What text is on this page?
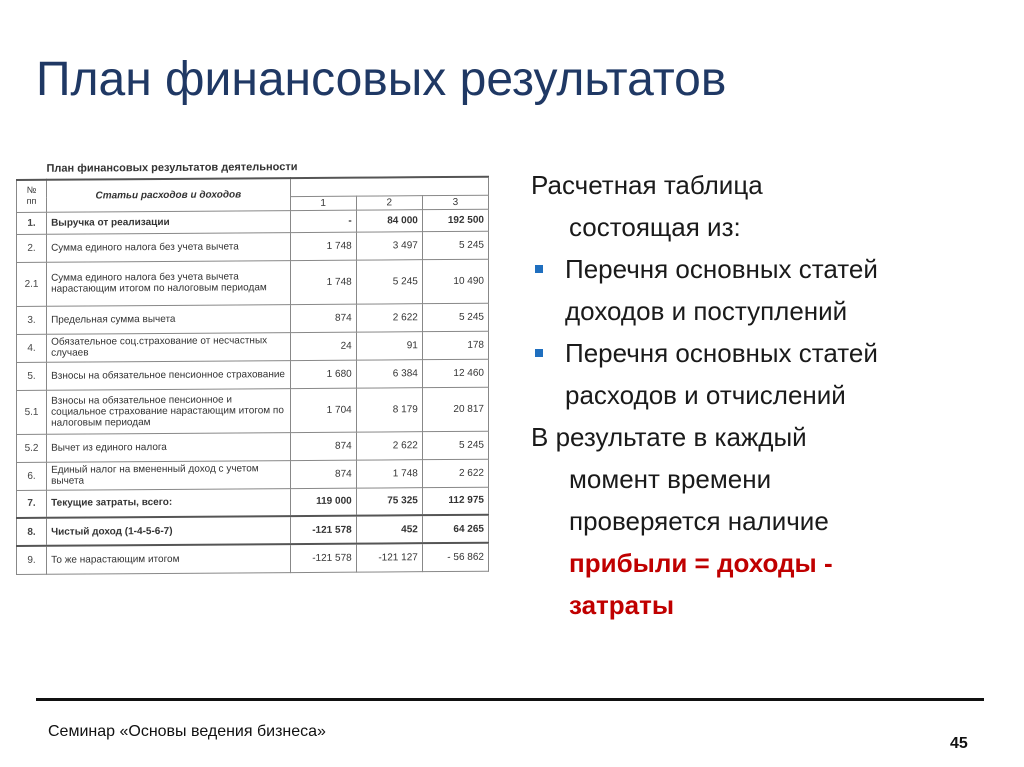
План финансовых результатов
План финансовых результатов деятельности				
№ пп	Статьи расходов и доходов			
		1	2	3
1.	Выручка от реализации	-	84 000	192 500
2.	Сумма единого налога без учета вычета	1 748	3 497	5 245
2.1	Сумма единого налога без учета вычета нарастающим итогом по налоговым периодам	1 748	5 245	10 490
3.	Предельная сумма вычета	874	2 622	5 245
4.	Обязательное соц.страхование от несчастных случаев	24	91	178
5.	Взносы на обязательное пенсионное страхование	1 680	6 384	12 460
5.1	Взносы на обязательное пенсионное и социальное страхование нарастающим итогом по налоговым периодам	1 704	8 179	20 817
5.2	Вычет из единого налога	874	2 622	5 245
6.	Единый налог на вмененный доход с учетом вычета	874	1 748	2 622
7.	Текущие затраты, всего:	119 000	75 325	112 975
8.	Чистый доход (1-4-5-6-7)	-121 578	452	64 265
9.	То же нарастающим итогом	-121 578	-121 127	- 56 862
Расчетная таблица
состоящая из:
Перечня основных статей
доходов и поступлений
Перечня основных статей
расходов и отчислений
В результате в каждый
момент времени
проверяется наличие
прибыли = доходы -
затраты
Семинар «Основы ведения бизнеса»
45
